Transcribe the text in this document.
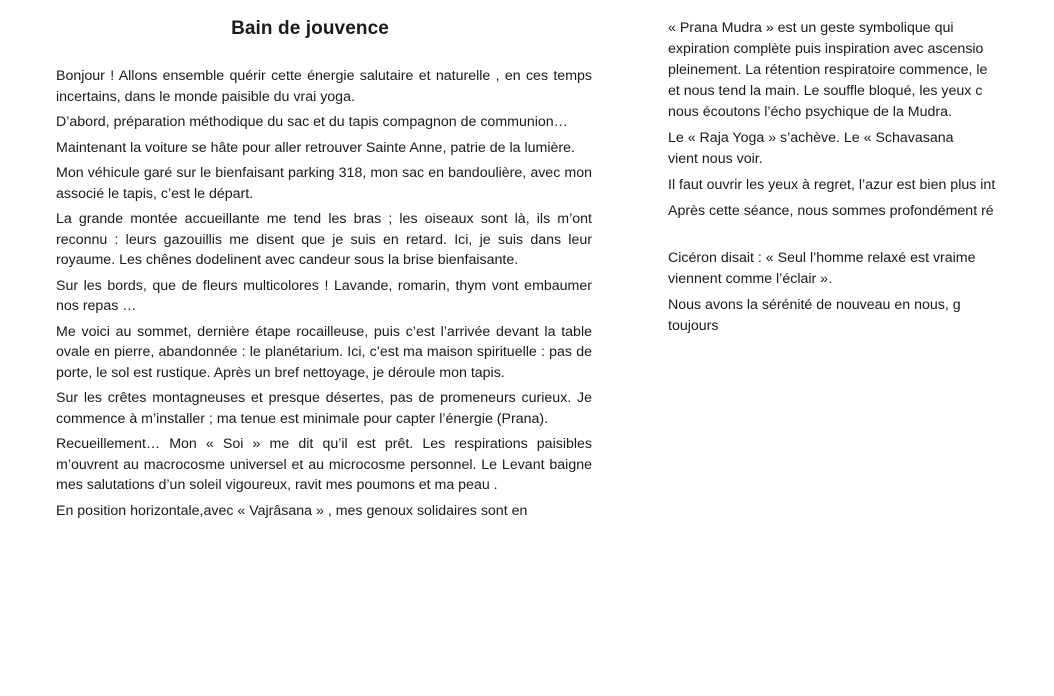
Bain de jouvence

Bonjour ! Allons ensemble quérir cette énergie salutaire et naturelle , en ces temps incertains, dans le monde paisible du vrai yoga.

D’abord, préparation méthodique du sac et du tapis compagnon de communion…

Maintenant la voiture se hâte pour aller retrouver Sainte Anne, patrie de la lumière.

Mon véhicule garé sur le bienfaisant parking 318, mon sac en bandoulière, avec mon associé le tapis, c’est le départ.

La grande montée accueillante me tend les bras ; les oiseaux sont là, ils m’ont reconnu : leurs gazouillis me disent que je suis en retard. Ici, je suis dans leur royaume. Les chênes dodelinent avec candeur sous la brise bienfaisante.

Sur les bords, que de fleurs multicolores ! Lavande, romarin, thym vont embaumer nos repas …

Me voici au sommet, dernière étape rocailleuse, puis c’est l’arrivée devant la table ovale en pierre, abandonnée : le planétarium. Ici, c’est ma maison spirituelle : pas de porte, le sol est rustique. Après un bref nettoyage, je déroule mon tapis.

Sur les crêtes montagneuses et presque désertes, pas de promeneurs curieux. Je commence à m’installer ; ma tenue est minimale pour capter l’énergie (Prana).

Recueillement… Mon « Soi » me dit qu’il est prêt. Les respirations paisibles m’ouvrent au macrocosme universel et au microcosme personnel. Le Levant baigne mes salutations d’un soleil vigoureux, ravit mes poumons et ma peau .

En position horizontale,avec « Vajrâsana » , mes genoux solidaires sont en

« Prana Mudra » est un geste symbolique qui

expiration complète puis inspiration avec ascensio

pleinement. La rétention respiratoire commence, le

et nous tend la main. Le souffle bloqué, les yeux c

nous écoutons l’écho psychique de la Mudra.

Le « Raja Yoga » s’achève. Le « Schavasana

vient nous voir.

Il faut ouvrir les yeux à regret, l’azur est bien plus int

Après cette séance, nous sommes profondément ré

Cicéron disait : « Seul l’homme relaxé est vraime

viennent comme l’éclair ».

Nous avons la sérénité de nouveau en nous, g

toujours
